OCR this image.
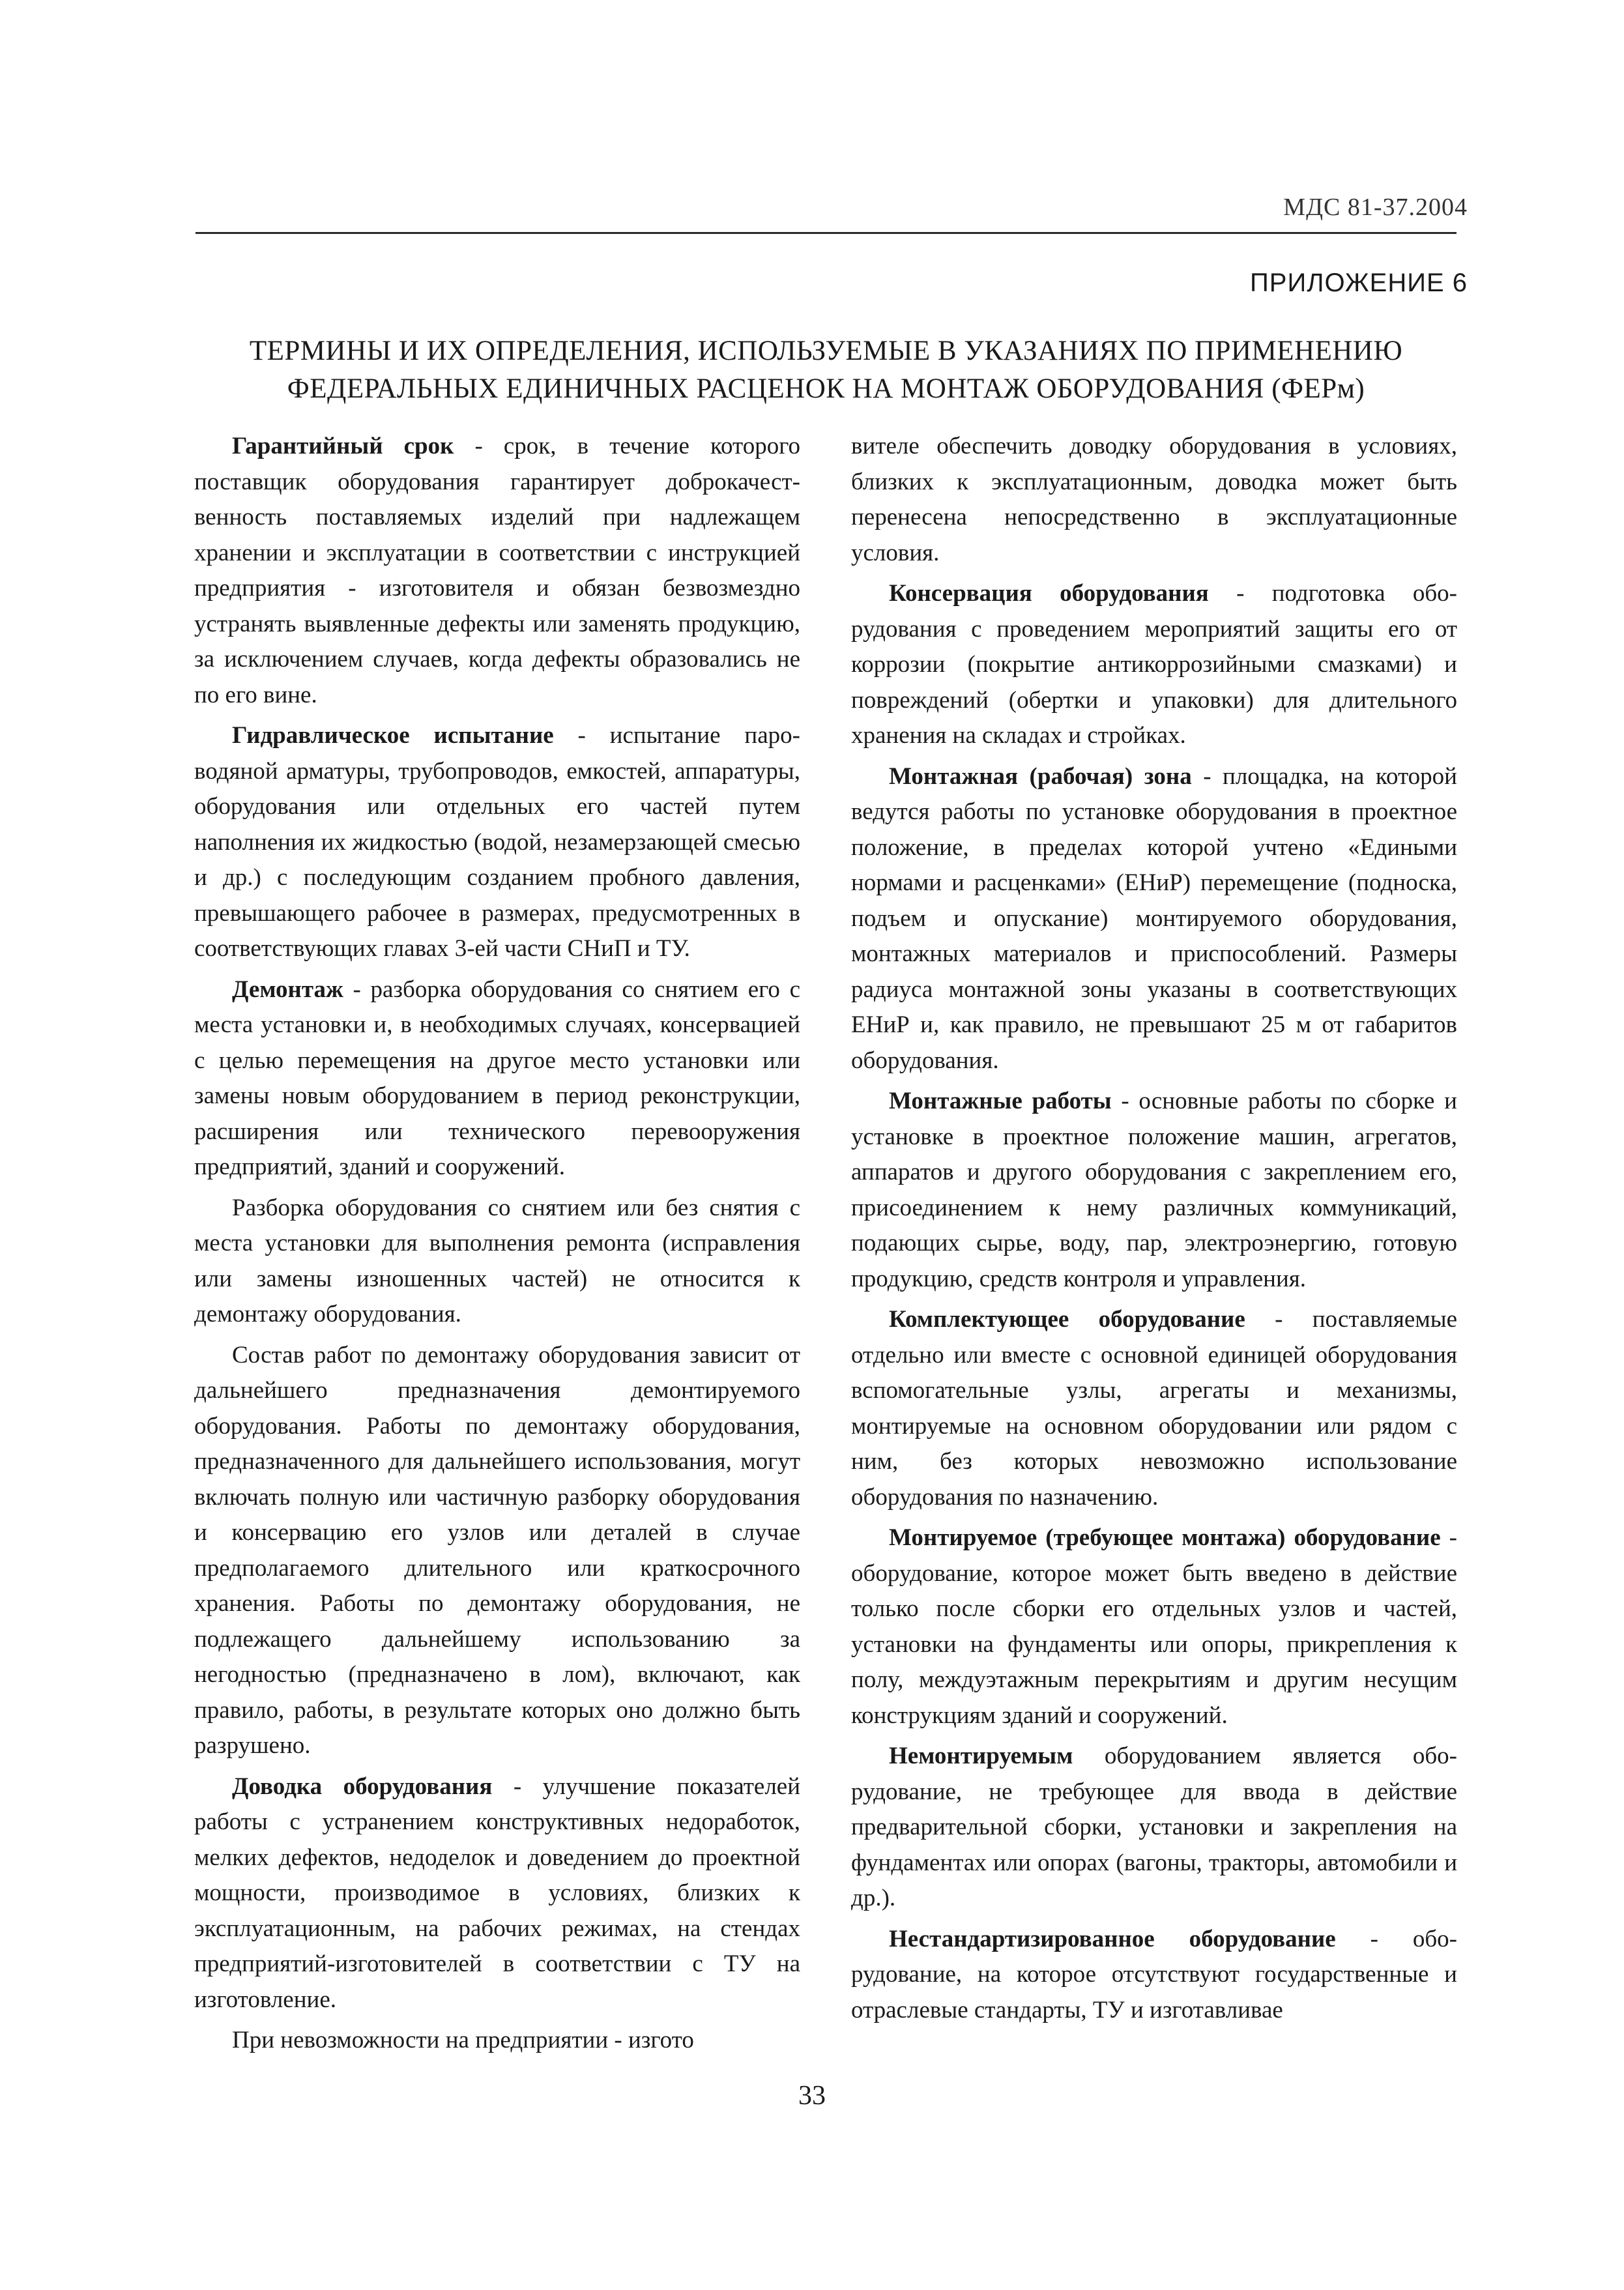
МДС 81-37.2004
ПРИЛОЖЕНИЕ 6
ТЕРМИНЫ И ИХ ОПРЕДЕЛЕНИЯ, ИСПОЛЬЗУЕМЫЕ В УКАЗАНИЯХ ПО ПРИМЕНЕНИЮ
ФЕДЕРАЛЬНЫХ ЕДИНИЧНЫХ РАСЦЕНОК НА МОНТАЖ ОБОРУДОВАНИЯ (ФЕРм)

Гарантийный срок - срок, в течение которого поставщик оборудования гарантирует доброкачественность поставляемых изделий при надлежащем хранении и эксплуатации в соответствии с инструкцией предприятия - изготовителя и обязан безвозмездно устранять выявленные дефекты или заменять продукцию, за исключением случаев, когда дефекты образовались не по его вине.

Гидравлическое испытание - испытание пароводяной арматуры, трубопроводов, емкостей, аппаратуры, оборудования или отдельных его частей путем наполнения их жидкостью (водой, незамерзающей смесью и др.) с последующим созданием пробного давления, превышающего рабочее в размерах, предусмотренных в соответствующих главах 3-ей части СНиП и ТУ.

Демонтаж - разборка оборудования со снятием его с места установки и, в необходимых случаях, консервацией с целью перемещения на другое место установки или замены новым оборудованием в период реконструкции, расширения или технического перевооружения предприятий, зданий и сооружений.

Разборка оборудования со снятием или без снятия с места установки для выполнения ремонта (исправления или замены изношенных частей) не относится к демонтажу оборудования.

Состав работ по демонтажу оборудования зависит от дальнейшего предназначения демонтируемого оборудования. Работы по демонтажу оборудования, предназначенного для дальнейшего использования, могут включать полную или частичную разборку оборудования и консервацию его узлов или деталей в случае предполагаемого длительного или краткосрочного хранения. Работы по демонтажу оборудования, не подлежащего дальнейшему использованию за негодностью (предназначено в лом), включают, как правило, работы, в результате которых оно должно быть разрушено.

Доводка оборудования - улучшение показателей работы с устранением конструктивных недоработок, мелких дефектов, недоделок и доведением до проектной мощности, производимое в условиях, близких к эксплуатационным, на рабочих режимах, на стендах предприятий-изготовителей в соответствии с ТУ на изготовление.

При невозможности на предприятии - изгото

вителе обеспечить доводку оборудования в условиях, близких к эксплуатационным, доводка может быть перенесена непосредственно в эксплуатационные условия.

Консервация оборудования - подготовка оборудования с проведением мероприятий защиты его от коррозии (покрытие антикоррозийными смазками) и повреждений (обертки и упаковки) для длительного хранения на складах и стройках.

Монтажная (рабочая) зона - площадка, на которой ведутся работы по установке оборудования в проектное положение, в пределах которой учтено «Едиными нормами и расценками» (ЕНиР) перемещение (подноска, подъем и опускание) монтируемого оборудования, монтажных материалов и приспособлений. Размеры радиуса монтажной зоны указаны в соответствующих ЕНиР и, как правило, не превышают 25 м от габаритов оборудования.

Монтажные работы - основные работы по сборке и установке в проектное положение машин, агрегатов, аппаратов и другого оборудования с закреплением его, присоединением к нему различных коммуникаций, подающих сырье, воду, пар, электроэнергию, готовую продукцию, средств контроля и управления.

Комплектующее оборудование - поставляемые отдельно или вместе с основной единицей оборудования вспомогательные узлы, агрегаты и механизмы, монтируемые на основном оборудовании или рядом с ним, без которых невозможно использование оборудования по назначению.

Монтируемое (требующее монтажа) оборудование - оборудование, которое может быть введено в действие только после сборки его отдельных узлов и частей, установки на фундаменты или опоры, прикрепления к полу, междуэтажным перекрытиям и другим несущим конструкциям зданий и сооружений.

Немонтируемым оборудованием является оборудование, не требующее для ввода в действие предварительной сборки, установки и закрепления на фундаментах или опорах (вагоны, тракторы, автомобили и др.).

Нестандартизированное оборудование - оборудование, на которое отсутствуют государственные и отраслевые стандарты, ТУ и изготавливае

33
